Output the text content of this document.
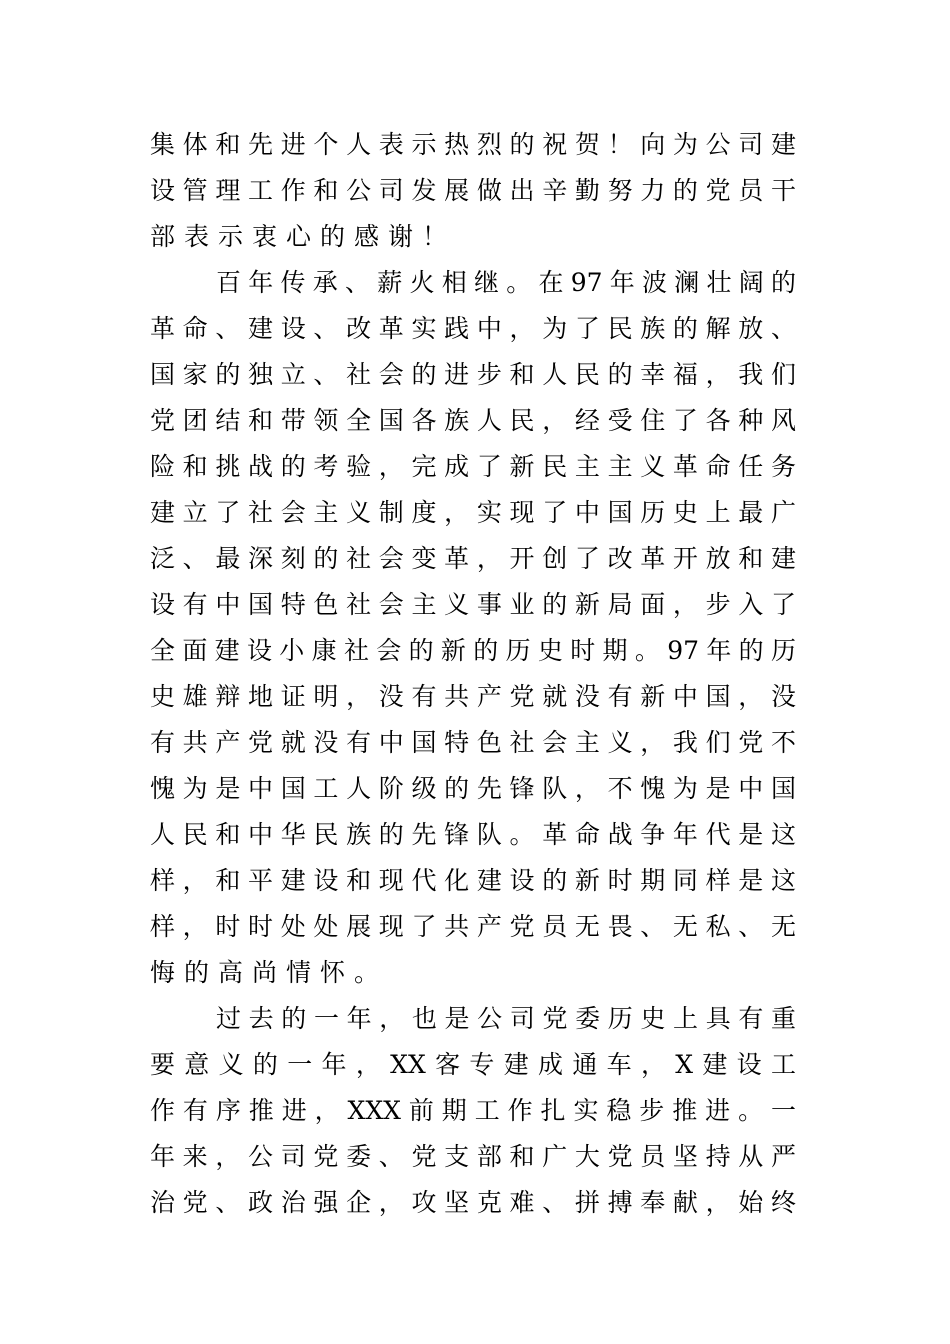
集体和先进个人表示热烈的祝贺！向为公司建
设管理工作和公司发展做出辛勤努力的党员干
部表示衷心的感谢！
百年传承、薪火相继。在97年波澜壮阔的
革命、建设、改革实践中，为了民族的解放、
国家的独立、社会的进步和人民的幸福，我们
党团结和带领全国各族人民，经受住了各种风
险和挑战的考验，完成了新民主主义革命任务
建立了社会主义制度，实现了中国历史上最广
泛、最深刻的社会变革，开创了改革开放和建
设有中国特色社会主义事业的新局面，步入了
全面建设小康社会的新的历史时期。97年的历
史雄辩地证明，没有共产党就没有新中国，没
有共产党就没有中国特色社会主义，我们党不
愧为是中国工人阶级的先锋队，不愧为是中国
人民和中华民族的先锋队。革命战争年代是这
样，和平建设和现代化建设的新时期同样是这
样，时时处处展现了共产党员无畏、无私、无
悔的高尚情怀。
过去的一年，也是公司党委历史上具有重
要意义的一年，XX客专建成通车，X建设工
作有序推进，XXX前期工作扎实稳步推进。一
年来，公司党委、党支部和广大党员坚持从严
治党、政治强企，攻坚克难、拼搏奉献，始终
